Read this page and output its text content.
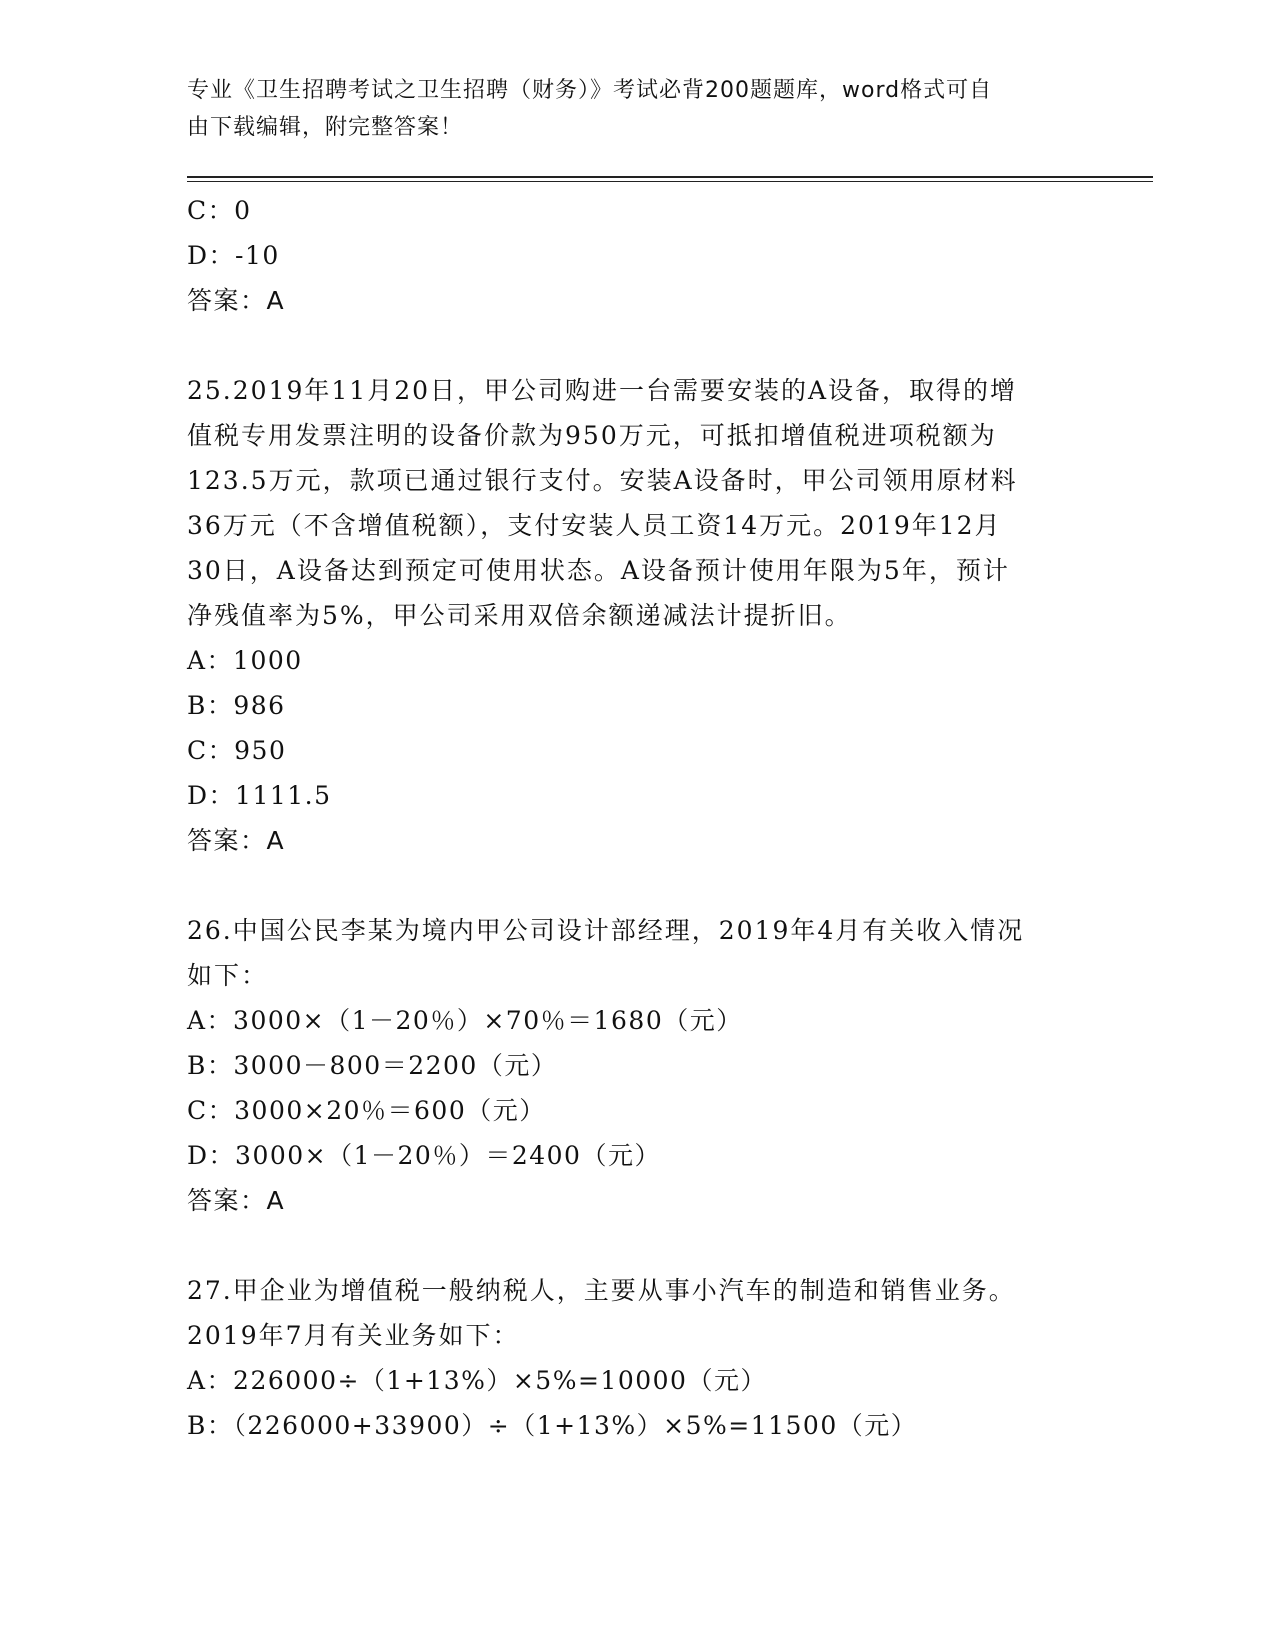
专业《卫生招聘考试之卫生招聘（财务）》考试必背200题题库，word格式可自
由下载编辑，附完整答案！
C：0
D：-10
答案：A
25.2019年11月20日，甲公司购进一台需要安装的A设备，取得的增
值税专用发票注明的设备价款为950万元，可抵扣增值税进项税额为
123.5万元，款项已通过银行支付。安装A设备时，甲公司领用原材料
36万元（不含增值税额），支付安装人员工资14万元。2019年12月
30日，A设备达到预定可使用状态。A设备预计使用年限为5年，预计
净残值率为5%，甲公司采用双倍余额递减法计提折旧。
A：1000
B：986
C：950
D：1111.5
答案：A
26.中国公民李某为境内甲公司设计部经理，2019年4月有关收入情况
如下：
A：3000×（1－20％）×70％＝1680（元）
B：3000－800＝2200（元）
C：3000×20％＝600（元）
D：3000×（1－20％）＝2400（元）
答案：A
27.甲企业为增值税一般纳税人，主要从事小汽车的制造和销售业务。
2019年7月有关业务如下：
A：226000÷（1+13%）×5%=10000（元）
B：（226000+33900）÷（1+13%）×5%=11500（元）
